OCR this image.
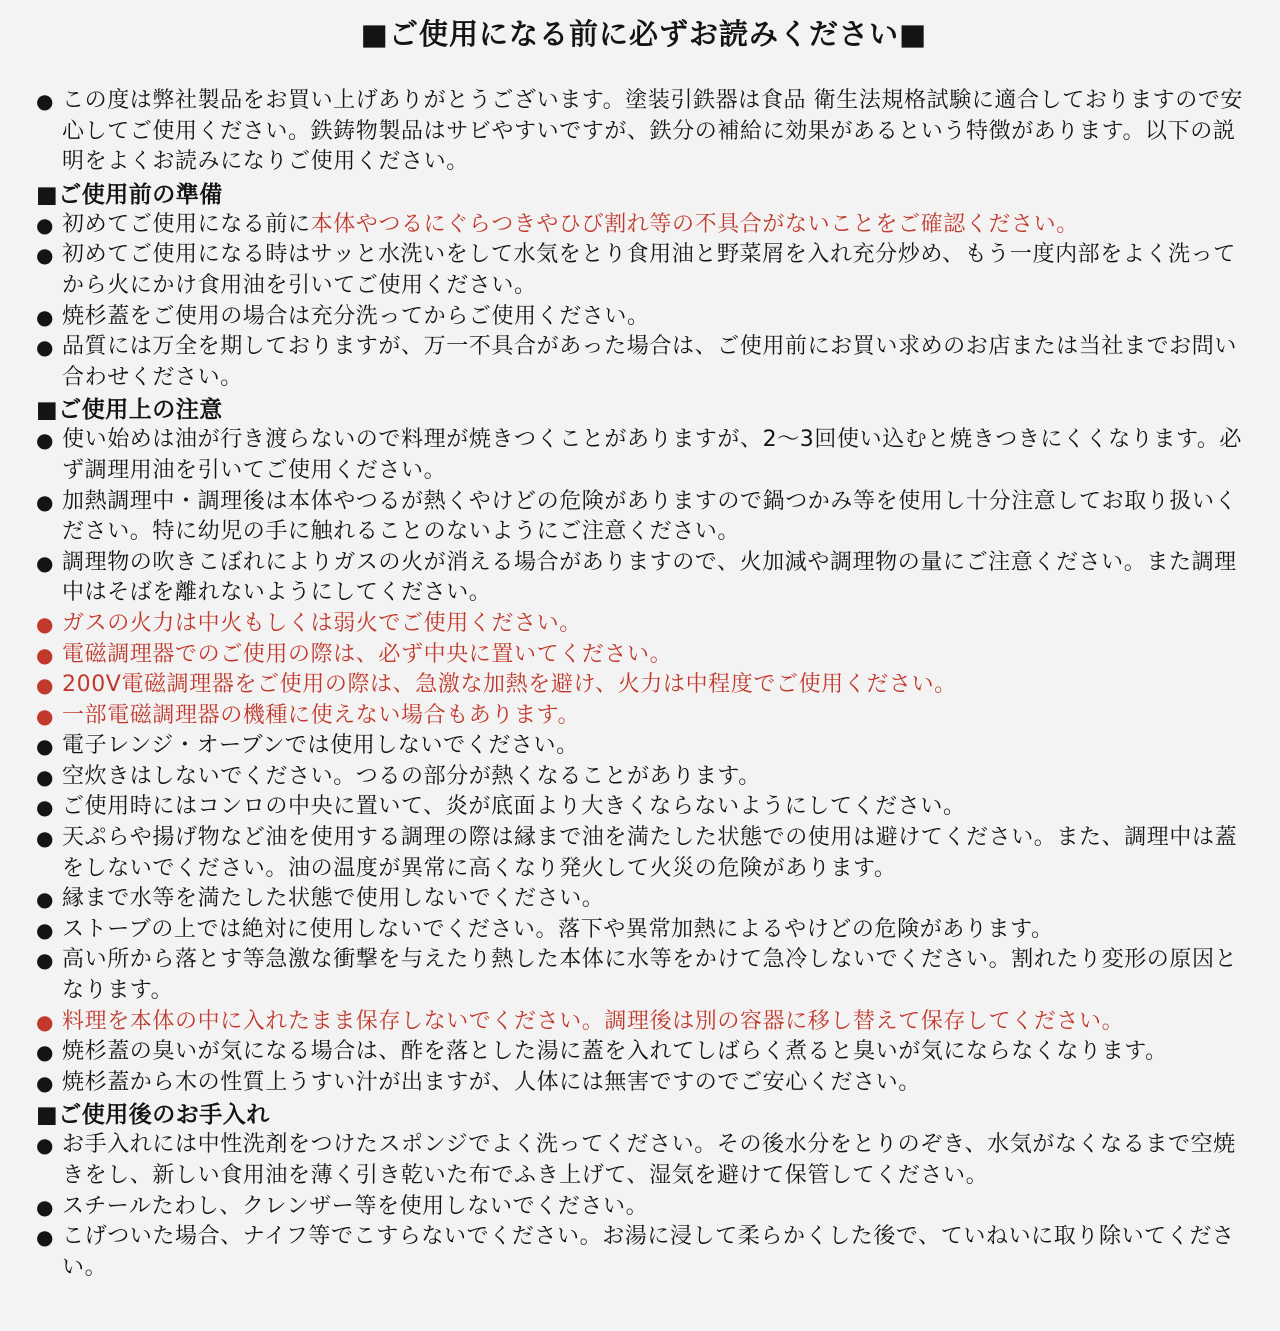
■ご使用になる前に必ずお読みください■
● この度は弊社製品をお買い上げありがとうございます。塗装引鉄器は食品 衛生法規格試験に適合しておりますので安心してご使用ください。鉄鋳物製品はサビやすいですが、鉄分の補給に効果があるという特徴があります。以下の説明をよくお読みになりご使用ください。
■ご使用前の準備
● 初めてご使用になる前に本体やつるにぐらつきやひび割れ等の不具合がないことをご確認ください。
● 初めてご使用になる時はサッと水洗いをして水気をとり食用油と野菜屑を入れ充分炒め、もう一度内部をよく洗ってから火にかけ食用油を引いてご使用ください。
● 焼杉蓋をご使用の場合は充分洗ってからご使用ください。
● 品質には万全を期しておりますが、万一不具合があった場合は、ご使用前にお買い求めのお店または当社までお問い合わせください。
■ご使用上の注意
● 使い始めは油が行き渡らないので料理が焼きつくことがありますが、2〜3回使い込むと焼きつきにくくなります。必ず調理用油を引いてご使用ください。
● 加熱調理中・調理後は本体やつるが熱くやけどの危険がありますので鍋つかみ等を使用し十分注意してお取り扱いください。特に幼児の手に触れることのないようにご注意ください。
● 調理物の吹きこぼれによりガスの火が消える場合がありますので、火加減や調理物の量にご注意ください。また調理中はそばを離れないようにしてください。
● ガスの火力は中火もしくは弱火でご使用ください。
● 電磁調理器でのご使用の際は、必ず中央に置いてください。
● 200V電磁調理器をご使用の際は、急激な加熱を避け、火力は中程度でご使用ください。
● 一部電磁調理器の機種に使えない場合もあります。
● 電子レンジ・オーブンでは使用しないでください。
● 空炊きはしないでください。つるの部分が熱くなることがあります。
● ご使用時にはコンロの中央に置いて、炎が底面より大きくならないようにしてください。
● 天ぷらや揚げ物など油を使用する調理の際は縁まで油を満たした状態での使用は避けてください。また、調理中は蓋をしないでください。油の温度が異常に高くなり発火して火災の危険があります。
● 縁まで水等を満たした状態で使用しないでください。
● ストーブの上では絶対に使用しないでください。落下や異常加熱によるやけどの危険があります。
● 高い所から落とす等急激な衝撃を与えたり熱した本体に水等をかけて急冷しないでください。割れたり変形の原因となります。
● 料理を本体の中に入れたまま保存しないでください。調理後は別の容器に移し替えて保存してください。
● 焼杉蓋の臭いが気になる場合は、酢を落とした湯に蓋を入れてしばらく煮ると臭いが気にならなくなります。
● 焼杉蓋から木の性質上うすい汁が出ますが、人体には無害ですのでご安心ください。
■ご使用後のお手入れ
● お手入れには中性洗剤をつけたスポンジでよく洗ってください。その後水分をとりのぞき、水気がなくなるまで空焼きをし、新しい食用油を薄く引き乾いた布でふき上げて、湿気を避けて保管してください。
● スチールたわし、クレンザー等を使用しないでください。
● こげついた場合、ナイフ等でこすらないでください。お湯に浸して柔らかくした後で、ていねいに取り除いてください。
